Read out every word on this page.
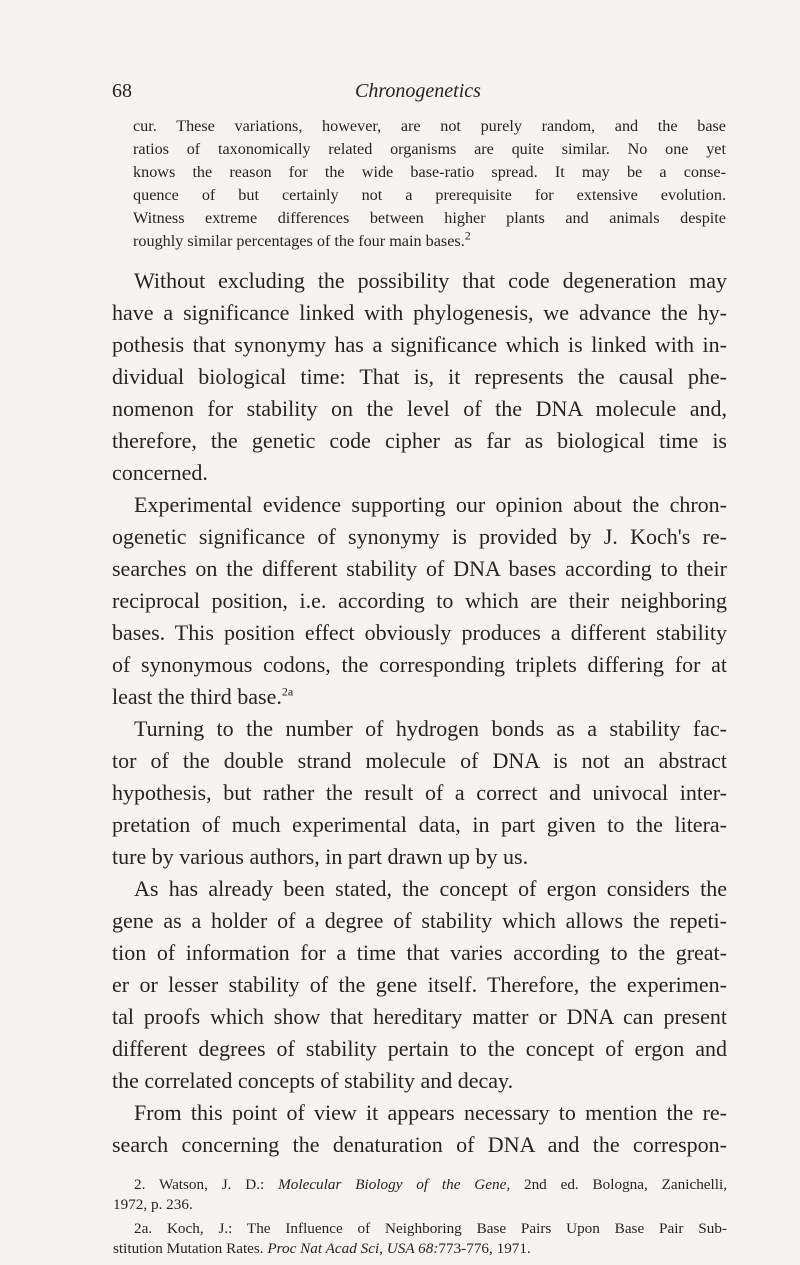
68	Chronogenetics
cur. These variations, however, are not purely random, and the base
ratios of taxonomically related organisms are quite similar. No one yet
knows the reason for the wide base-ratio spread. It may be a conse-
quence of but certainly not a prerequisite for extensive evolution.
Witness extreme differences between higher plants and animals despite
roughly similar percentages of the four main bases.$^2$
Without excluding the possibility that code degeneration may
have a significance linked with phylogenesis, we advance the hy-
pothesis that synonymy has a significance which is linked with in-
dividual biological time: That is, it represents the causal phe-
nomenon for stability on the level of the DNA molecule and,
therefore, the genetic code cipher as far as biological time is
concerned.
Experimental evidence supporting our opinion about the chron-
ogenetic significance of synonymy is provided by J. Koch's re-
searches on the different stability of DNA bases according to their
reciprocal position, i.e. according to which are their neighboring
bases. This position effect obviously produces a different stability
of synonymous codons, the corresponding triplets differing for at
least the third base.$^{2a}$
Turning to the number of hydrogen bonds as a stability fac-
tor of the double strand molecule of DNA is not an abstract
hypothesis, but rather the result of a correct and univocal inter-
pretation of much experimental data, in part given to the litera-
ture by various authors, in part drawn up by us.
As has already been stated, the concept of ergon considers the
gene as a holder of a degree of stability which allows the repeti-
tion of information for a time that varies according to the great-
er or lesser stability of the gene itself. Therefore, the experimen-
tal proofs which show that hereditary matter or DNA can present
different degrees of stability pertain to the concept of ergon and
the correlated concepts of stability and decay.
From this point of view it appears necessary to mention the re-
search concerning the denaturation of DNA and the correspon-
2. Watson, J. D.: Molecular Biology of the Gene, 2nd ed. Bologna, Zanichelli,
1972, p. 236.
2a. Koch, J.: The Influence of Neighboring Base Pairs Upon Base Pair Sub-
stitution Mutation Rates. Proc Nat Acad Sci, USA 68:773-776, 1971.
